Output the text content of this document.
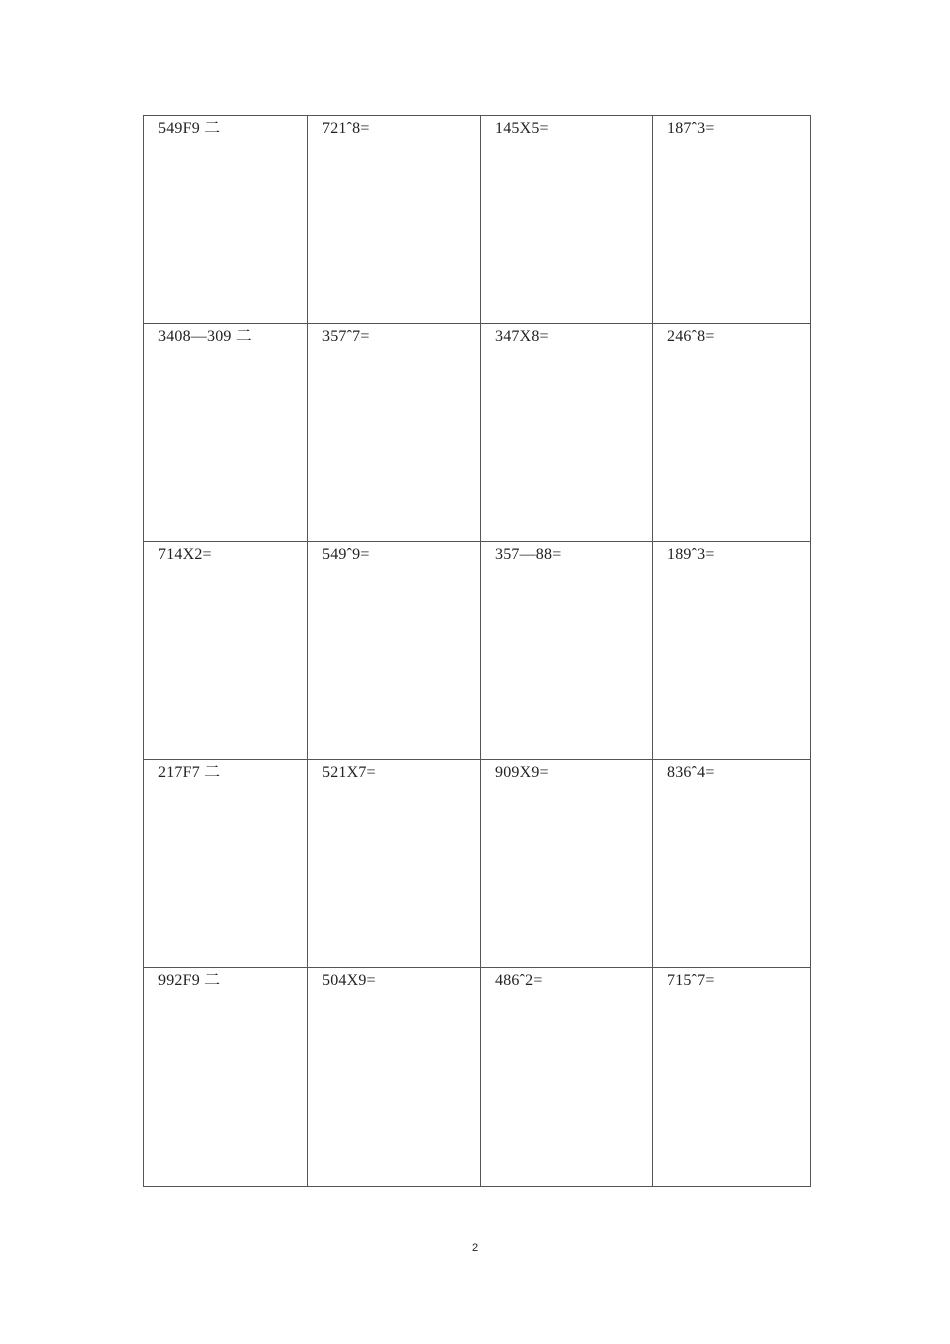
549F9 二	721ˆ8=	145X5=	187ˆ3=

3408—309 二	357ˆ7=	347X8=	246ˆ8=

714X2=	549ˆ9=	357—88=	189ˆ3=

217F7 二	521X7=	909X9=	836ˆ4=

992F9 二	504X9=	486ˆ2=	715ˆ7=
2
